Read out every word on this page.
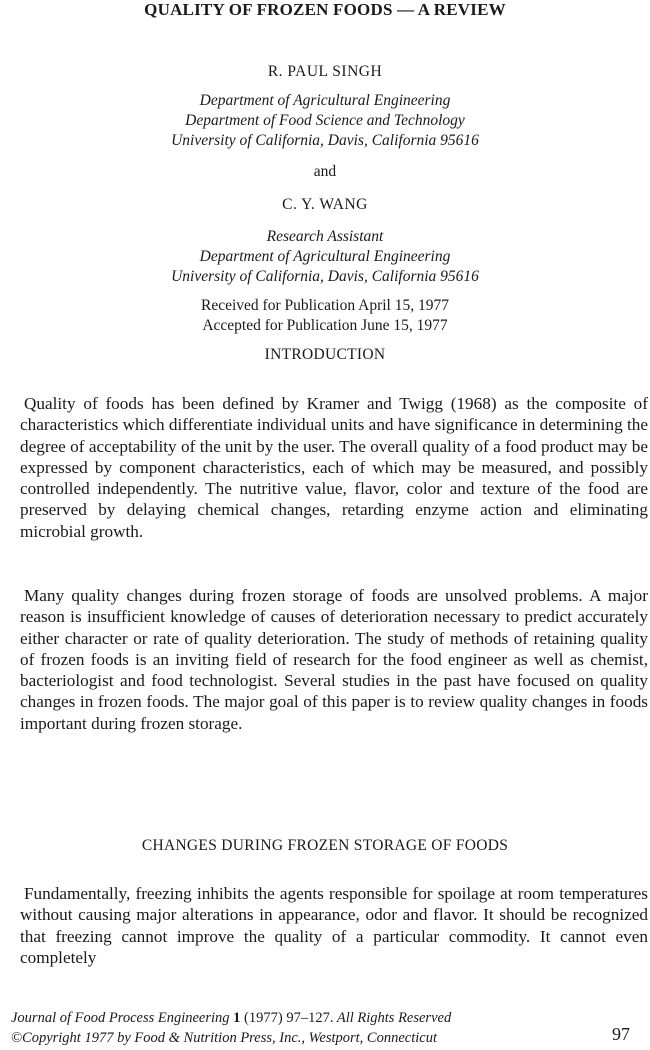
QUALITY OF FROZEN FOODS — A REVIEW
R. PAUL SINGH
Department of Agricultural Engineering
Department of Food Science and Technology
University of California, Davis, California 95616
and
C. Y. WANG
Research Assistant
Department of Agricultural Engineering
University of California, Davis, California 95616
Received for Publication April 15, 1977
Accepted for Publication June 15, 1977
INTRODUCTION

Quality of foods has been defined by Kramer and Twigg (1968) as the composite of characteristics which differentiate individual units and have significance in determining the degree of acceptability of the unit by the user. The overall quality of a food product may be expressed by component characteristics, each of which may be measured, and possibly controlled independently. The nutritive value, flavor, color and texture of the food are preserved by delaying chemical changes, retarding enzyme action and eliminating microbial growth.

Many quality changes during frozen storage of foods are unsolved problems. A major reason is insufficient knowledge of causes of deterioration necessary to predict accurately either character or rate of quality deterioration. The study of methods of retaining quality of frozen foods is an inviting field of research for the food engineer as well as chemist, bacteriologist and food technologist. Several studies in the past have focused on quality changes in frozen foods. The major goal of this paper is to review quality changes in foods important during frozen storage.

CHANGES DURING FROZEN STORAGE OF FOODS

Fundamentally, freezing inhibits the agents responsible for spoilage at room temperatures without causing major alterations in appearance, odor and flavor. It should be recognized that freezing cannot improve the quality of a particular commodity. It cannot even completely

Journal of Food Process Engineering 1 (1977) 97–127. All Rights Reserved
©Copyright 1977 by Food & Nutrition Press, Inc., Westport, Connecticut	97
